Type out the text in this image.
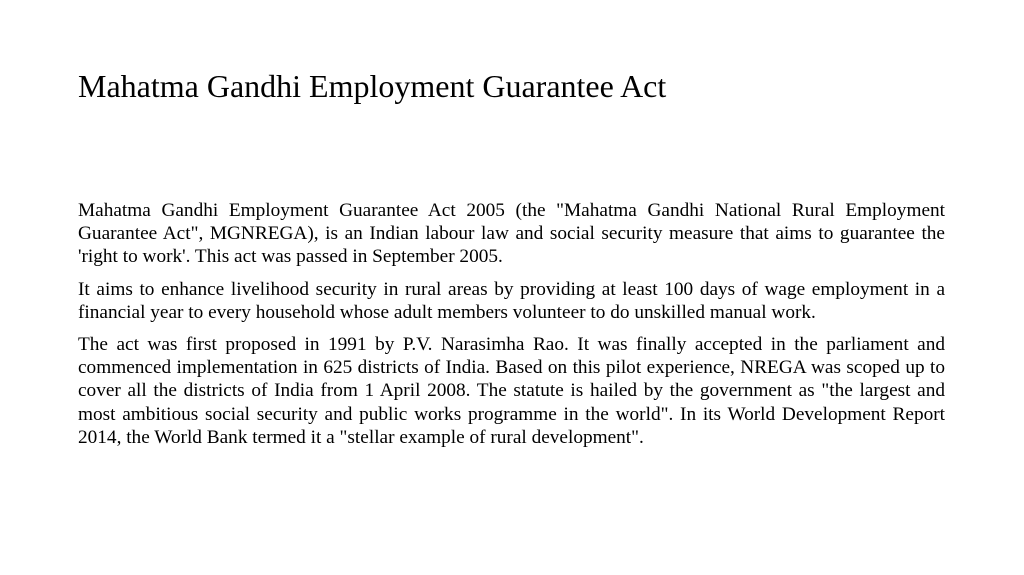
Mahatma Gandhi Employment Guarantee Act

Mahatma Gandhi Employment Guarantee Act 2005 (the "Mahatma Gandhi National Rural Employment Guarantee Act", MGNREGA), is an Indian labour law and social security measure that aims to guarantee the 'right to work'. This act was passed in September 2005.

It aims to enhance livelihood security in rural areas by providing at least 100 days of wage employment in a financial year to every household whose adult members volunteer to do unskilled manual work.

The act was first proposed in 1991 by P.V. Narasimha Rao. It was finally accepted in the parliament and commenced implementation in 625 districts of India. Based on this pilot experience, NREGA was scoped up to cover all the districts of India from 1 April 2008. The statute is hailed by the government as "the largest and most ambitious social security and public works programme in the world". In its World Development Report 2014, the World Bank termed it a "stellar example of rural development".
